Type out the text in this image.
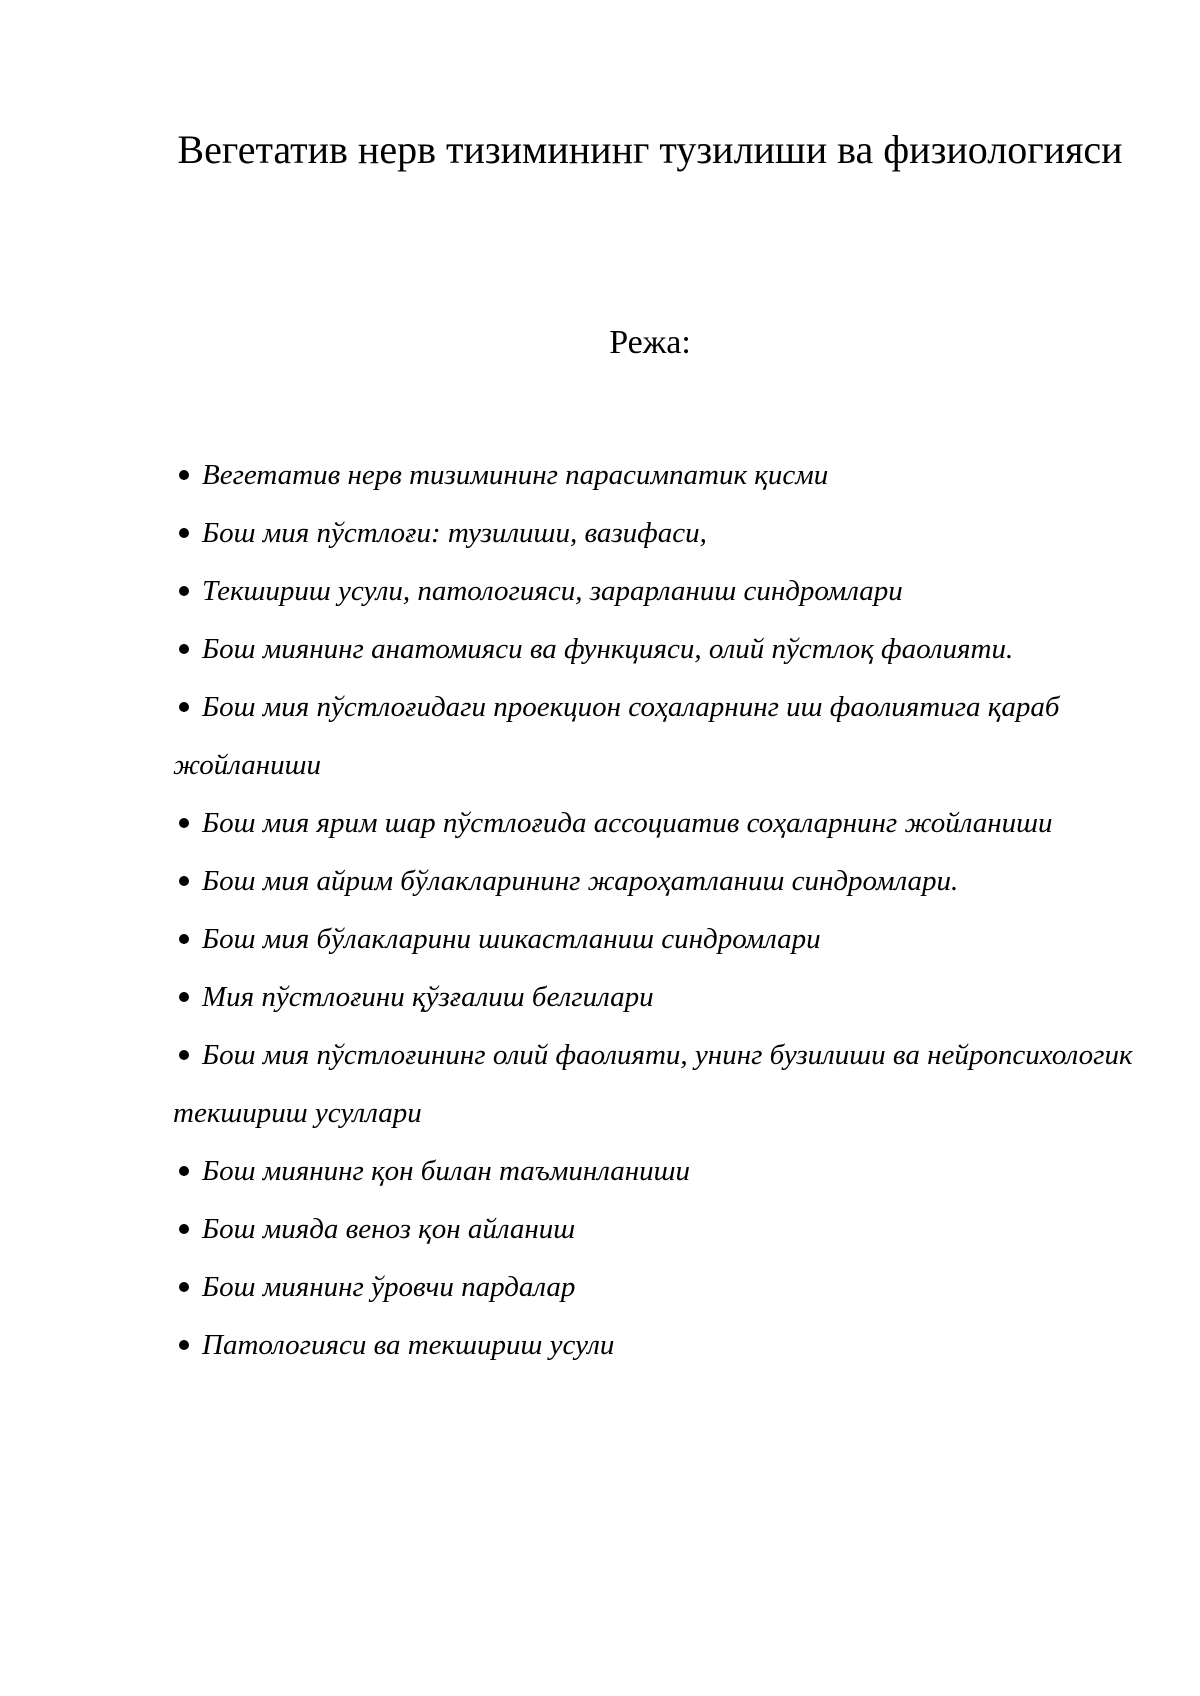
Вегетатив нерв тизимининг тузилиши ва физиологияси
Режа:
Вегетатив нерв тизимининг парасимпатик қисми
Бош мия пўстлоғи: тузилиши, вазифаси,
Текшириш усули, патологияси, зарарланиш синдромлари
Бош миянинг анатомияси ва функцияси, олий пўстлоқ фаолияти.
Бош мия пўстлоғидаги проекцион соҳаларнинг иш фаолиятига қараб жойланиши
Бош мия ярим шар пўстлоғида ассоциатив соҳаларнинг жойланиши
Бош мия айрим бўлакларининг жароҳатланиш синдромлари.
Бош мия бўлакларини шикастланиш синдромлари
Мия пўстлоғини қўзғалиш белгилари
Бош мия пўстлоғининг олий фаолияти, унинг бузилиши ва нейропсихологик текшириш усуллари
Бош миянинг қон билан таъминланиши
Бош мияда веноз қон айланиш
Бош миянинг ўровчи пардалар
Патологияси ва текшириш усули
